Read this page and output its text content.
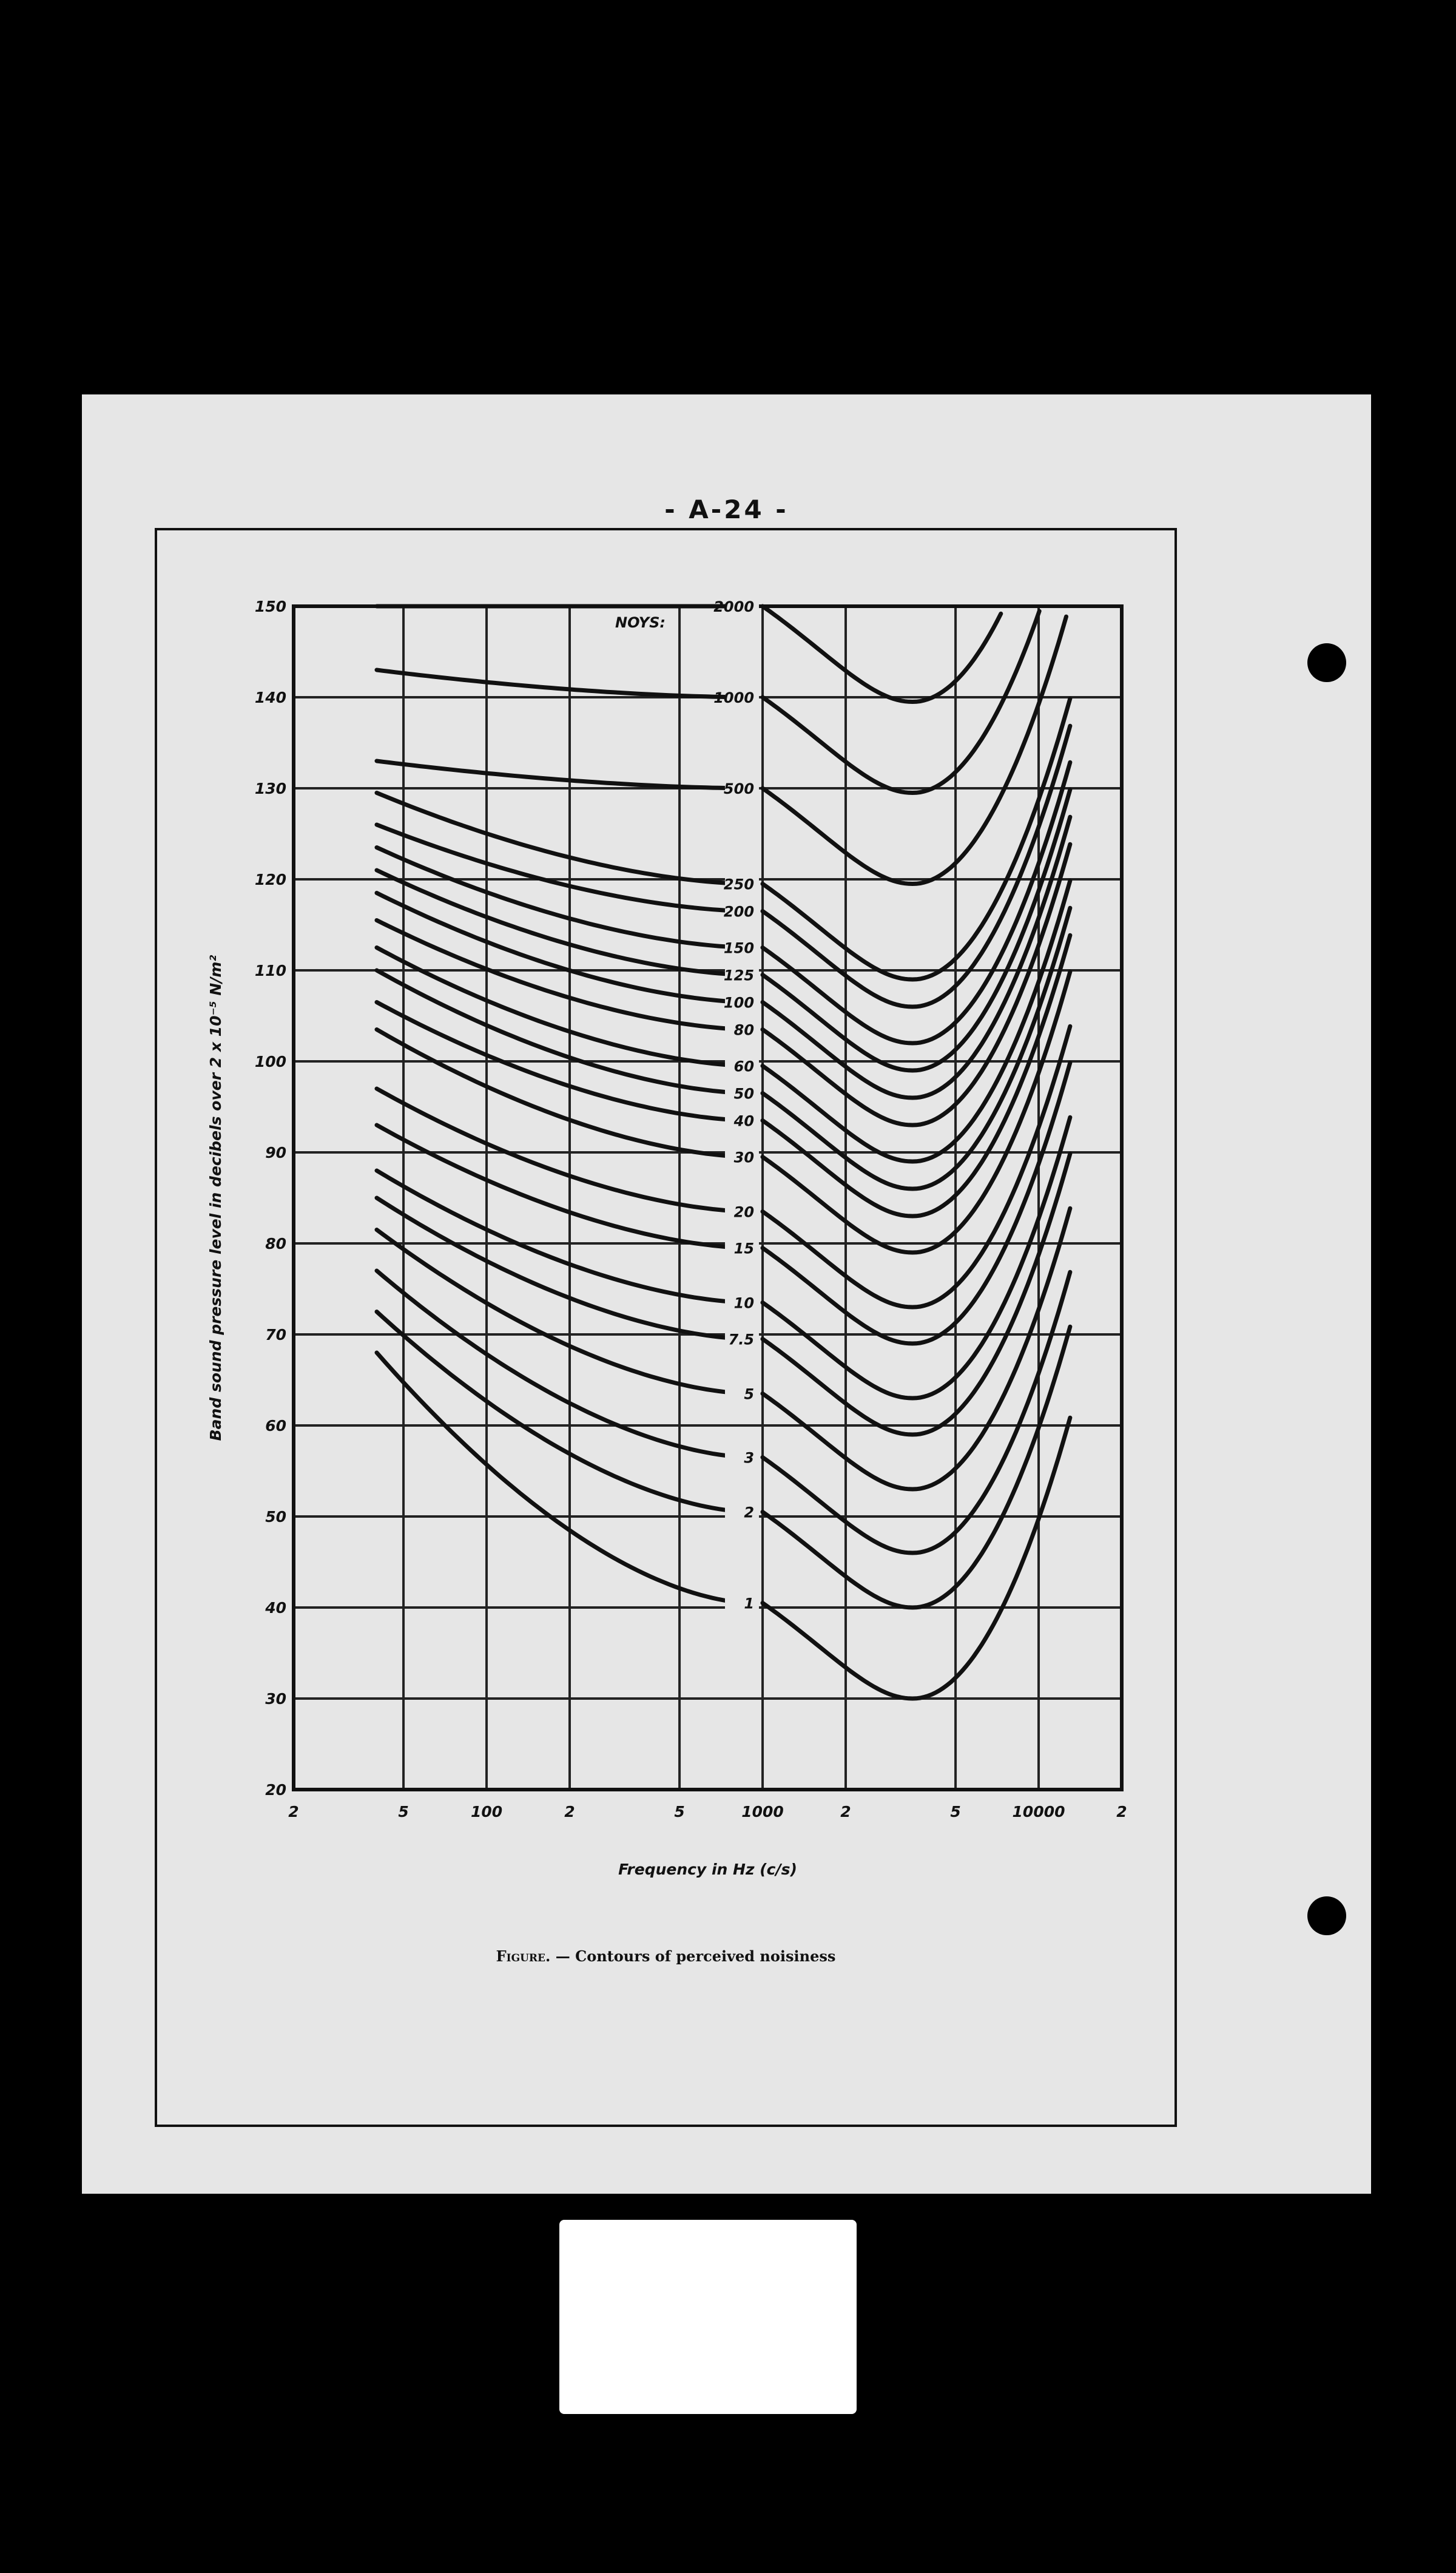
- A-24 -
1
2
3
5
7.5
10
15
20
30
40
50
60
80
100
125
150
200
250
500
1000
2000
2	5	100	2	5	1000	2	5	10000	2
20
30
40
50
60
70
80
90
100
110
120
130
140
150
NOYS:
Frequency in Hz (c/s)
Band sound pressure level in decibels over 2 x 10⁻⁵ N/m²
Figure. — Contours of perceived noisiness
